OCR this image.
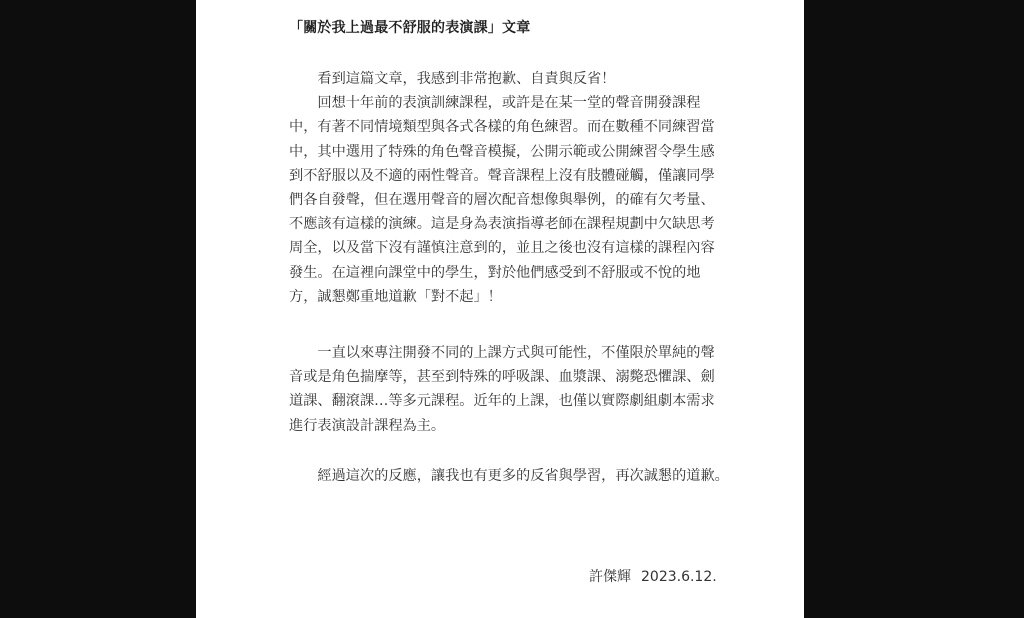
「關於我上過最不舒服的表演課」文章
　　看到這篇文章，我感到非常抱歉、自責與反省！
　　回想十年前的表演訓練課程，或許是在某一堂的聲音開發課程
中，有著不同情境類型與各式各樣的角色練習。而在數種不同練習當
中，其中選用了特殊的角色聲音模擬，公開示範或公開練習令學生感
到不舒服以及不適的兩性聲音。聲音課程上沒有肢體碰觸，僅讓同學
們各自發聲，但在選用聲音的層次配音想像與舉例，的確有欠考量、
不應該有這樣的演練。這是身為表演指導老師在課程規劃中欠缺思考
周全，以及當下沒有謹慎注意到的，並且之後也沒有這樣的課程內容
發生。在這裡向課堂中的學生，對於他們感受到不舒服或不悅的地
方，誠懇鄭重地道歉「對不起」！
　　一直以來專注開發不同的上課方式與可能性，不僅限於單純的聲
音或是角色揣摩等，甚至到特殊的呼吸課、血漿課、溺斃恐懼課、劍
道課、翻滾課…等多元課程。近年的上課，也僅以實際劇組劇本需求
進行表演設計課程為主。
　　經過這次的反應，讓我也有更多的反省與學習，再次誠懇的道歉。
許傑輝 2023.6.12.
